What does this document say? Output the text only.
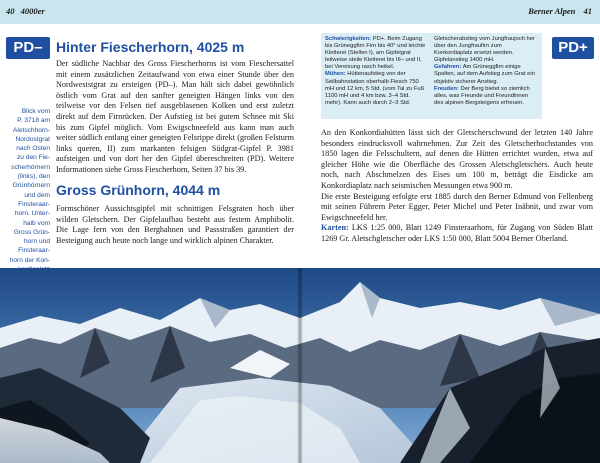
40 4000er	Berner Alpen 41
PD– Hinter Fiescherhorn, 4025 m
Der südliche Nachbar des Gross Fiescherhorns ist vom Fieschersattel mit einem zusätzlichen Zeitaufwand von etwa einer Stunde über den Nordweststgrat zu ersteigen (PD–). Man hält sich dabei gewöhnlich östlich vom Grat auf den sanfter geneigten Hängen links von den teilweise vor den Felsen tief ausgeblasenen Kolken und erst zuletzt direkt auf dem Firnrücken. Der Aufstieg ist bei gutem Schnee mit Ski bis zum Gipfel möglich. Vom Ewigschneefeld aus kann man auch weiter südlich entlang einer geneigten Felsrippe direkt (großen Felsturm links queren, II) zum markanten felsigen Südgrat-Gipfel P. 3981 aufsteigen und von dort her den Gipfel übereschreiten (PD). Weitere Informationen siehe Gross Fiescherhorn, Seiten 37 bis 39.
Blick vom
P. 3718 am
Aletschhorn-
Nordostgrat
nach Osten
zu den Fie-
scherhörnern
(links), den
Grünhörnern
und dem
Finsteraar-
horn. Unter-
halb vom
Gross Grün-
horn und
Finsteraar-
horn der Kon-
Gross Grünhorn, 4044 m
Formschöner Aussichtsgipfel mit schnittigen Felsgraten hoch über wilden Gletschern. Der Gipfelaufbau besteht aus festem Amphibolit. Die Lage fern von den Berghahnen und Passstraßen garantiert der Besteigung auch heute noch lange und wirklich alpinen Charakter.

Schwierigkeiten: PD+. Beim Zugang bis Grüneggfirn Firn bis 40° und leichte Kletterei (Stellen I), am Gipfelgrat teilweise steile Kletterei bis III– und II, bei Vereisung rasch heikel.

Mühen: Hüttenaufstieg von der Seilbahnstation oberhalb Fiesch 750 mH und 12 km, 5 Std. (vom Tal zu Fuß 1100 mH und 4 km bzw. 3–4 Std. mehr). Kann auch durch 2–3 Std.

Gletscherabstieg vom Jungfraujoch her über den Jungfraufirn zum Konkordiaplatz ersetzt werden. Gipfelanstieg 1400 mH.

Gefahren: Am Grüneggfirn einige Spalten, auf dem Aufstieg zum Grat ein objektiv sicherer Anstieg.

Freuden: Der Berg bietet so ziemlich alles, was Freunde und Freundinnen des alpinen Bergsteigens erfreuen.

PD+
An den Konkordiahütten lässt sich der Gletscherschwund der letzten 140 Jahre besonders eindrucksvoll wahrnehmen. Zur Zeit des Gletscherhochstandes von 1850 lagen die Felsschultern, auf denen die Hütten errichtet wurden, etwa auf gleicher Höhe wie die Oberfläche des Grossen Aletschgletschers. Auch heute noch, nach Abschmelzen des Eises um 100 m, beträgt die Eisdicke am Konkordiaplatz nach seismischen Messungen etwa 900 m.
Die erste Besteigung erfolgte erst 1885 durch den Berner Edmund von Fellenberg mit seinen Führern Peter Egger, Peter Michel und Peter Inäbnit, und zwar vom Ewigschneefeld her.
Karten: LKS 1:25 000, Blatt 1249 Finsteraarhorn, für Zugang von Süden Blatt 1269 Gr. Aletschgletscher oder LKS 1:50 000, Blatt 5004 Berner Oberland.
